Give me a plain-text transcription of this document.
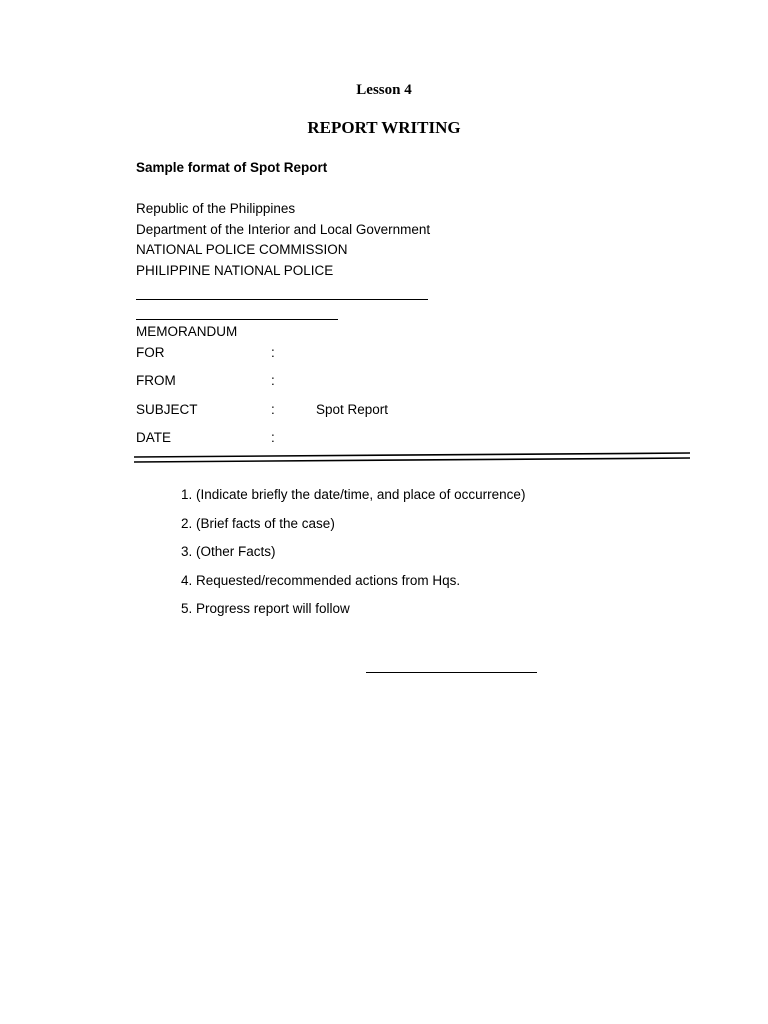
Lesson 4
REPORT WRITING
Sample format of Spot Report
Republic of the Philippines
Department of the Interior and Local Government
NATIONAL POLICE COMMISSION
PHILIPPINE NATIONAL POLICE
MEMORANDUM
FOR	:
FROM	:
SUBJECT	:	Spot Report
DATE	:
1. (Indicate briefly the date/time, and place of occurrence)
2. (Brief facts of the case)
3. (Other Facts)
4. Requested/recommended actions from Hqs.
5. Progress report will follow
